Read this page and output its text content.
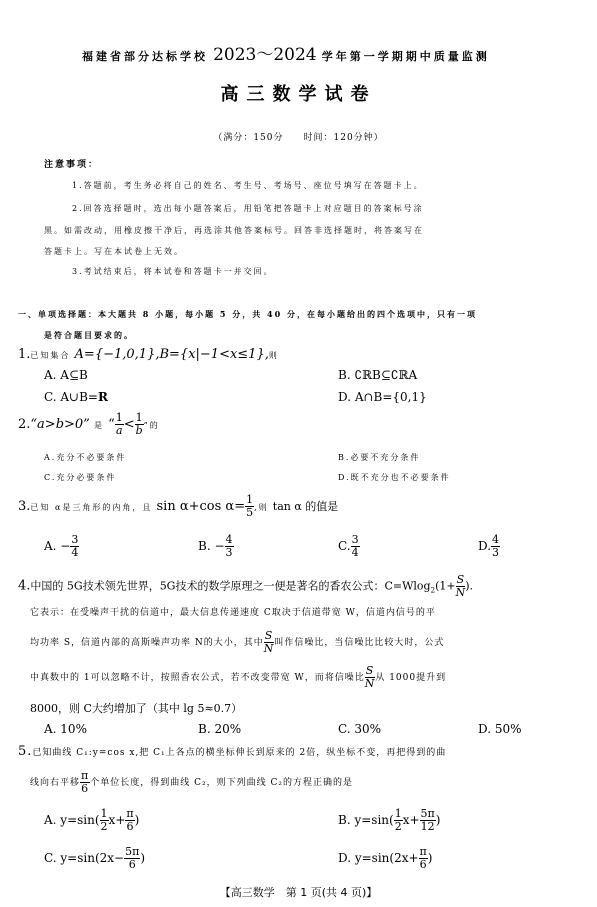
福建省部分达标学校 2023～2024 学年第一学期期中质量监测
高三数学试卷
（满分：150分　　时间：120分钟）
注意事项：
1.答题前，考生务必将自己的姓名、考生号、考场号、座位号填写在答题卡上。
2.回答选择题时，选出每小题答案后，用铅笔把答题卡上对应题目的答案标号涂
黑。如需改动，用橡皮擦干净后，再选涂其他答案标号。回答非选择题时，将答案写在
答题卡上。写在本试卷上无效。
3.考试结束后，将本试卷和答题卡一并交回。
一、单项选择题：本大题共 8 小题，每小题 5 分，共 40 分，在每小题给出的四个选项中，只有一项
是符合题目要求的。
1.已知集合 A={−1,0,1},B={x|−1<x≤1},则
A. A⊆B	B. ∁ℝB⊆∁ℝA
C. A∪B=R	D. A∩B={0,1}
2.“a>b>0” 是 “ $\frac{1}{a} < \frac{1}{b}$ ”的
A.充分不必要条件	B.必要不充分条件
C.充分必要条件	D.既不充分也不必要条件
3.已知 α是三角形的内角，且 sin α+cos $\alpha= \frac{1}{5}$ ,则 tan α 的值是
A. − $\frac{3}{4}$	B. − $\frac{4}{3}$	C. $\frac{3}{4}$	D. $\frac{4}{3}$
4.中国的 5G技术领先世界，5G技术的数学原理之一便是著名的香农公式：$C=Wlog_2(1+ \frac{S}{N}$ ).
它表示：在受噪声干扰的信道中，最大信息传递速度 C取决于信道带宽 W，信道内信号的平
均功率 S，信道内部的高斯噪声功率 N的大小，其中 $\frac{S}{N}$ 叫作信噪比，当信噪比比较大时，公式
中真数中的 1可以忽略不计，按照香农公式，若不改变带宽 W，而将信噪比 $\frac{S}{N}$ 从 1000提升到
8000，则 C大约增加了（其中 lg 5≈0.7）
A. 10%	B. 20%	C. 30%	D. 50%
5.已知曲线 C₁:y=cos x,把 C₁上各点的横坐标伸长到原来的 2倍，纵坐标不变，再把得到的曲
线向右平移 $\frac{\pi}{6}$ 个单位长度，得到曲线 C₂，则下列曲线 C₂的方程正确的是
A. $y=\sin( \frac{1}{2} x+ \frac{\pi}{6}$ )	B. $y=\sin( \frac{1}{2} x+ \frac{5\pi}{12}$ )
C. $y=\sin(2x- \frac{5\pi}{6}$ )	D. $y=\sin(2x+ \frac{\pi}{6}$ )
【高三数学　第 1 页(共 4 页)】
